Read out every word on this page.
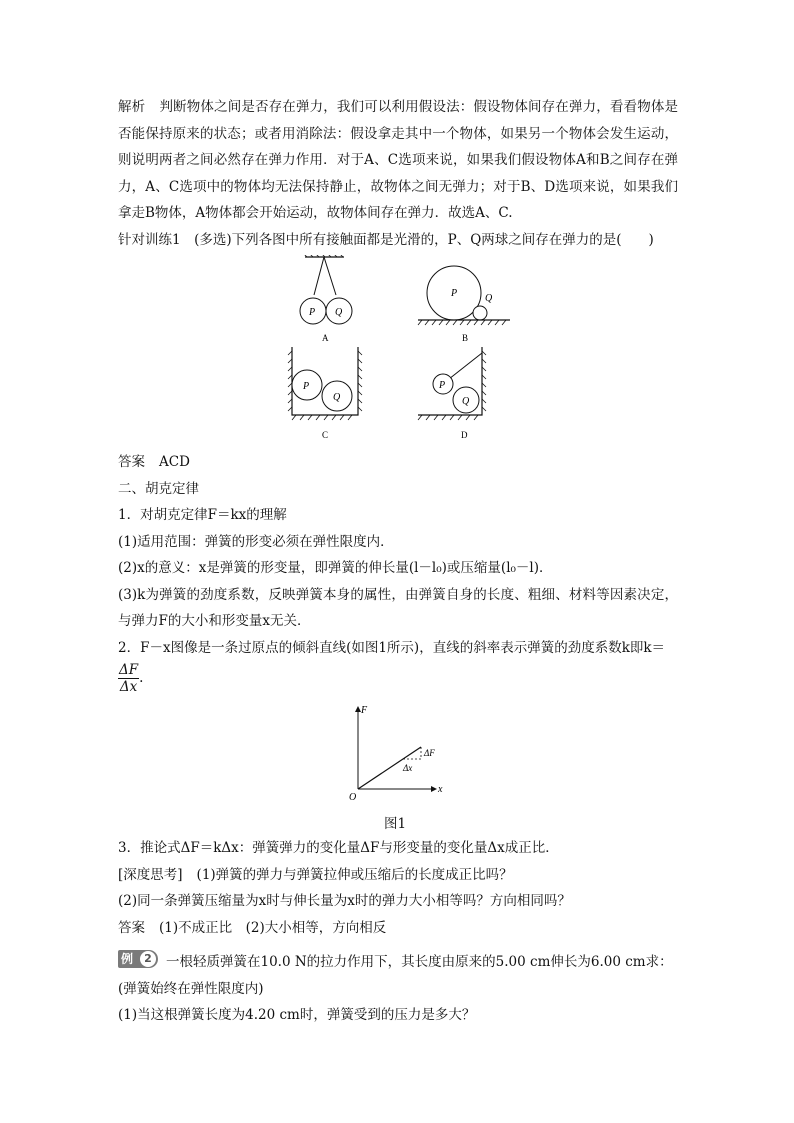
解析 判断物体之间是否存在弹力，我们可以利用假设法：假设物体间存在弹力，看看物体是否能保持原来的状态；或者用消除法：假设拿走其中一个物体，如果另一个物体会发生运动，则说明两者之间必然存在弹力作用．对于A、C选项来说，如果我们假设物体A和B之间存在弹力，A、C选项中的物体均无法保持静止，故物体之间无弹力；对于B、D选项来说，如果我们拿走B物体，A物体都会开始运动，故物体间存在弹力．故选A、C.

针对训练1　(多选)下列各图中所有接触面都是光滑的，P、Q两球之间存在弹力的是(　　)

P Q
A
P	Q
B
P
Q
C
P
Q
D

答案 ACD

二、胡克定律

1．对胡克定律F＝kx的理解

(1)适用范围：弹簧的形变必须在弹性限度内．

(2)x的意义：x是弹簧的形变量，即弹簧的伸长量(l－l₀)或压缩量(l₀－l)．

(3)k为弹簧的劲度系数，反映弹簧本身的属性，由弹簧自身的长度、粗细、材料等因素决定，与弹力F的大小和形变量x无关．

2．F－x图像是一条过原点的倾斜直线(如图1所示)，直线的斜率表示弹簧的劲度系数k即k＝

$\frac{\Delta F}{\Delta x}$ .

F
x
O
ΔF
Δx

图1

3．推论式ΔF＝kΔx：弹簧弹力的变化量ΔF与形变量的变化量Δx成正比．

[深度思考] (1)弹簧的弹力与弹簧拉伸或压缩后的长度成正比吗？

(2)同一条弹簧压缩量为x时与伸长量为x时的弹力大小相等吗？方向相同吗？

答案 (1)不成正比　(2)大小相等，方向相反

例	2	一根轻质弹簧在10.0 N的拉力作用下，其长度由原来的5.00 cm伸长为6.00 cm求：

(弹簧始终在弹性限度内)

(1)当这根弹簧长度为4.20 cm时，弹簧受到的压力是多大？
